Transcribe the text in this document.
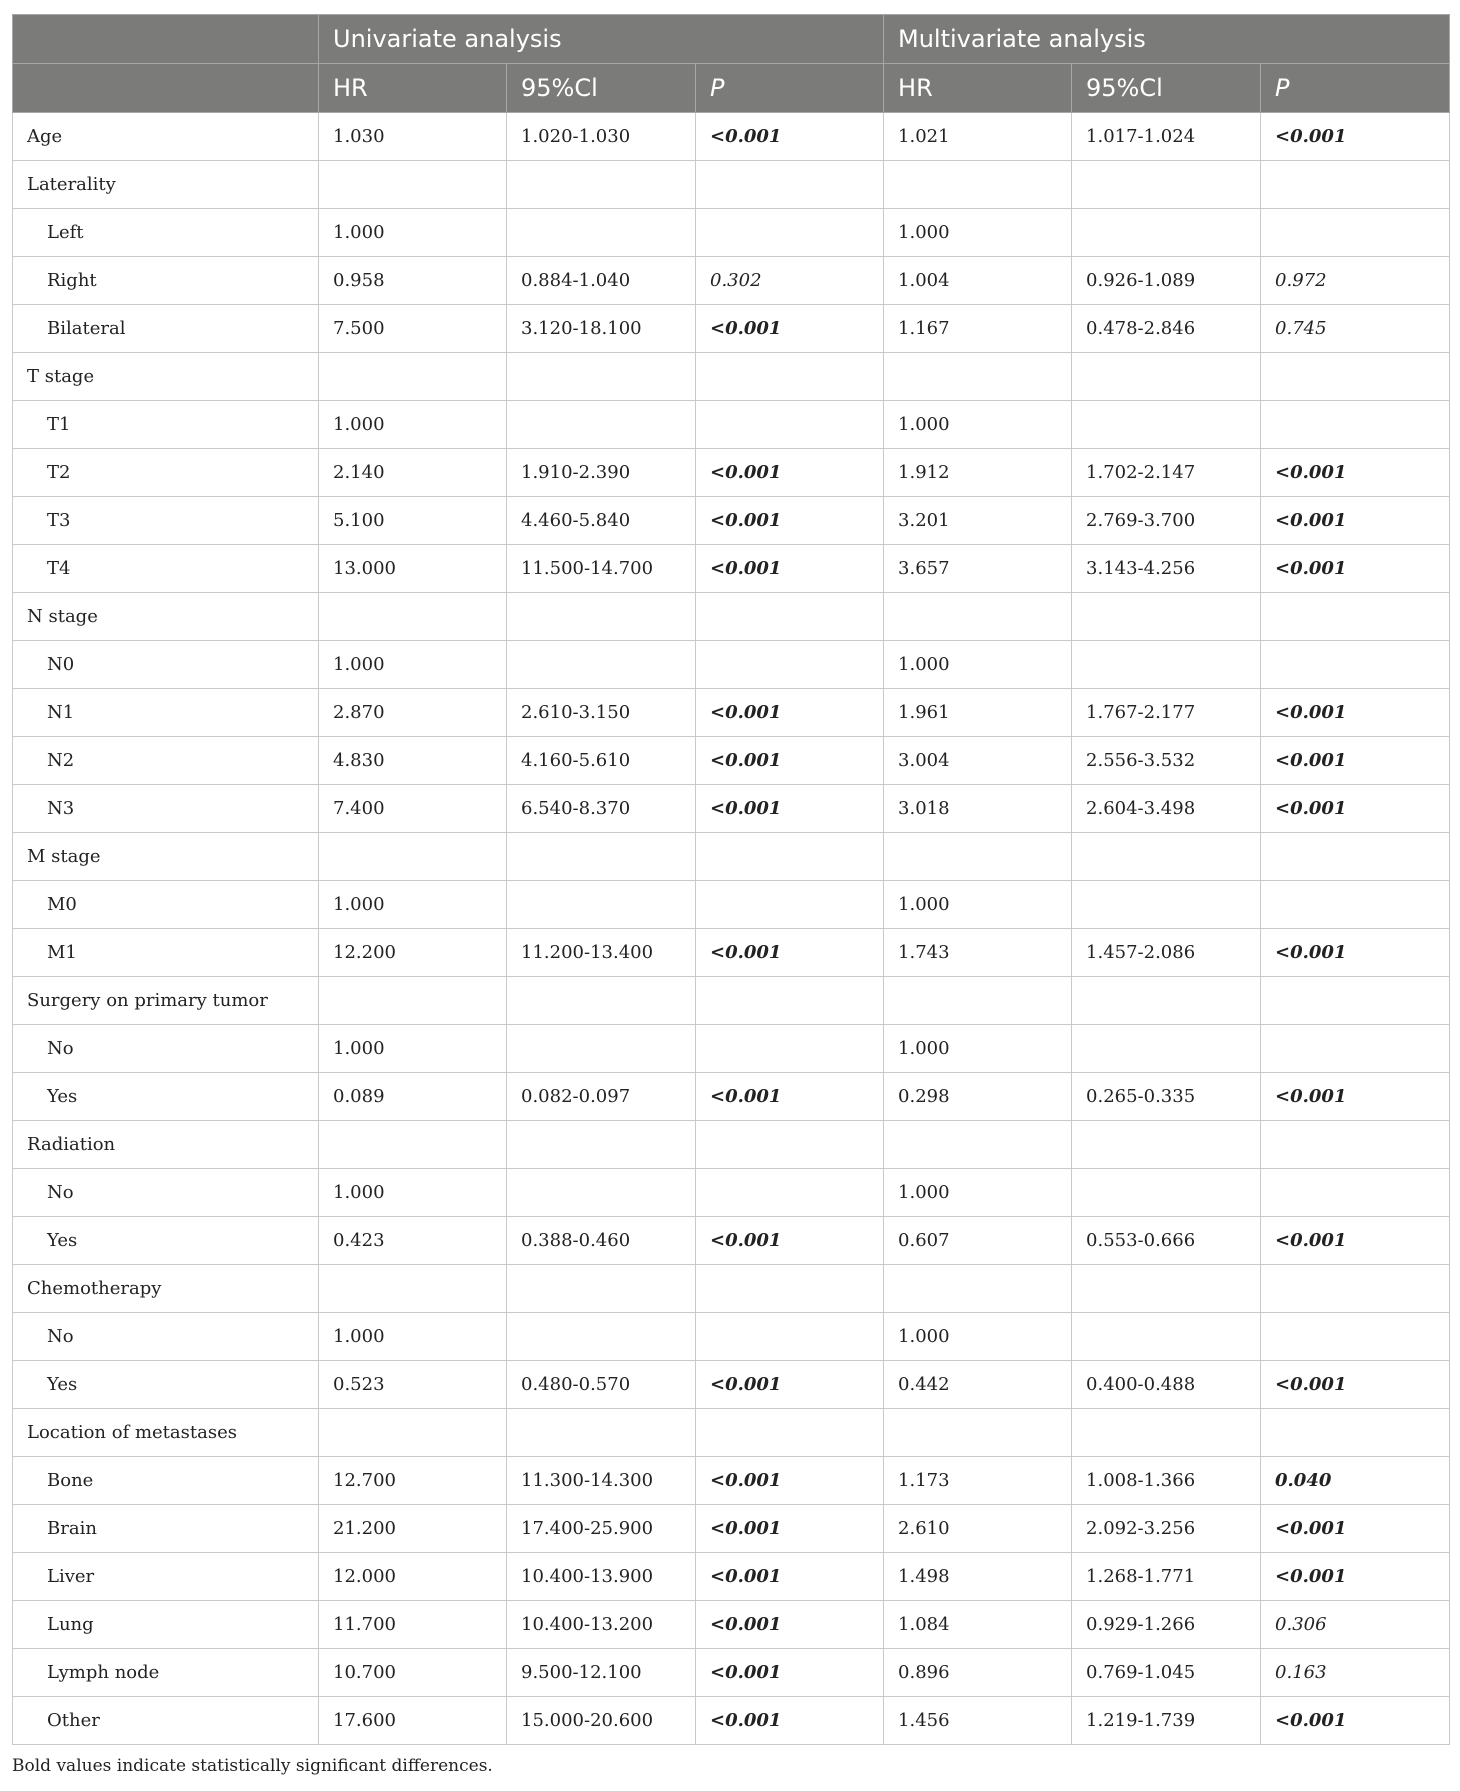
	Univariate analysis			Multivariate analysis		
	HR	95%Cl	P	HR	95%Cl	P
Age	1.030	1.020-1.030	<0.001	1.021	1.017-1.024	<0.001
Laterality						
Left	1.000			1.000		
Right	0.958	0.884-1.040	0.302	1.004	0.926-1.089	0.972
Bilateral	7.500	3.120-18.100	<0.001	1.167	0.478-2.846	0.745
T stage						
T1	1.000			1.000		
T2	2.140	1.910-2.390	<0.001	1.912	1.702-2.147	<0.001
T3	5.100	4.460-5.840	<0.001	3.201	2.769-3.700	<0.001
T4	13.000	11.500-14.700	<0.001	3.657	3.143-4.256	<0.001
N stage						
N0	1.000			1.000		
N1	2.870	2.610-3.150	<0.001	1.961	1.767-2.177	<0.001
N2	4.830	4.160-5.610	<0.001	3.004	2.556-3.532	<0.001
N3	7.400	6.540-8.370	<0.001	3.018	2.604-3.498	<0.001
M stage						
M0	1.000			1.000		
M1	12.200	11.200-13.400	<0.001	1.743	1.457-2.086	<0.001
Surgery on primary tumor						
No	1.000			1.000		
Yes	0.089	0.082-0.097	<0.001	0.298	0.265-0.335	<0.001
Radiation						
No	1.000			1.000		
Yes	0.423	0.388-0.460	<0.001	0.607	0.553-0.666	<0.001
Chemotherapy						
No	1.000			1.000		
Yes	0.523	0.480-0.570	<0.001	0.442	0.400-0.488	<0.001
Location of metastases						
Bone	12.700	11.300-14.300	<0.001	1.173	1.008-1.366	0.040
Brain	21.200	17.400-25.900	<0.001	2.610	2.092-3.256	<0.001
Liver	12.000	10.400-13.900	<0.001	1.498	1.268-1.771	<0.001
Lung	11.700	10.400-13.200	<0.001	1.084	0.929-1.266	0.306
Lymph node	10.700	9.500-12.100	<0.001	0.896	0.769-1.045	0.163
Other	17.600	15.000-20.600	<0.001	1.456	1.219-1.739	<0.001
Bold values indicate statistically significant differences.
